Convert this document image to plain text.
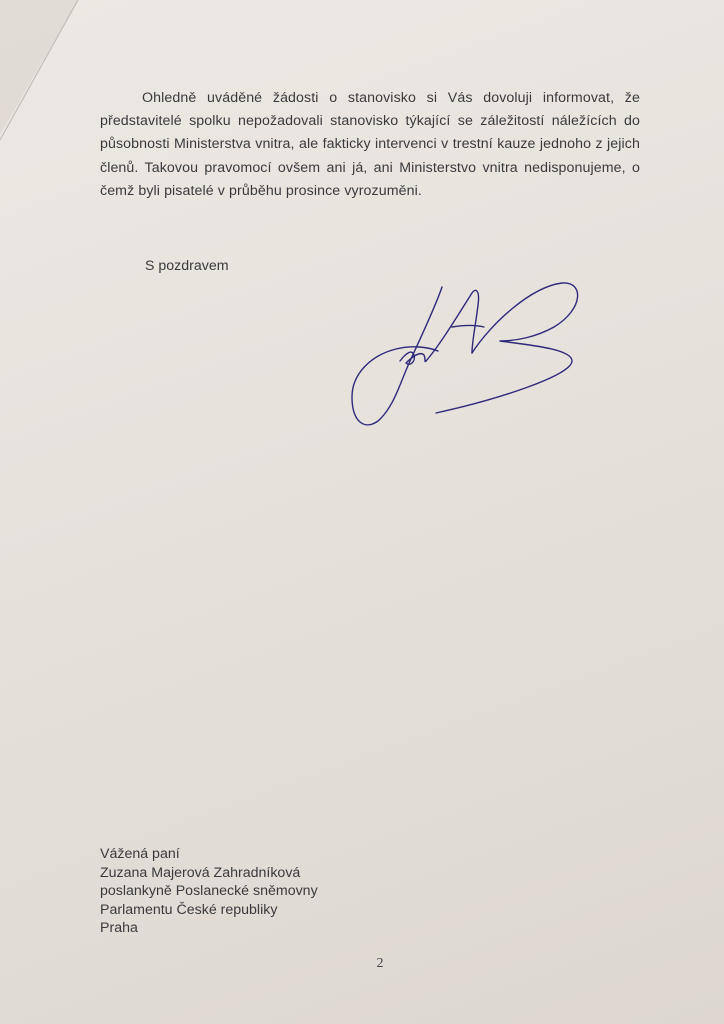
Ohledně uváděné žádosti o stanovisko si Vás dovoluji informovat, že představitelé spolku nepožadovali stanovisko týkající se záležitostí náležících do působnosti Ministerstva vnitra, ale fakticky intervenci v trestní kauze jednoho z jejich členů. Takovou pravomocí ovšem ani já, ani Ministerstvo vnitra nedisponujeme, o čemž byli pisatelé v průběhu prosince vyrozuměni.

S pozdravem
Vážená paní
Zuzana Majerová Zahradníková
poslankyně Poslanecké sněmovny
Parlamentu České republiky
Praha
2
